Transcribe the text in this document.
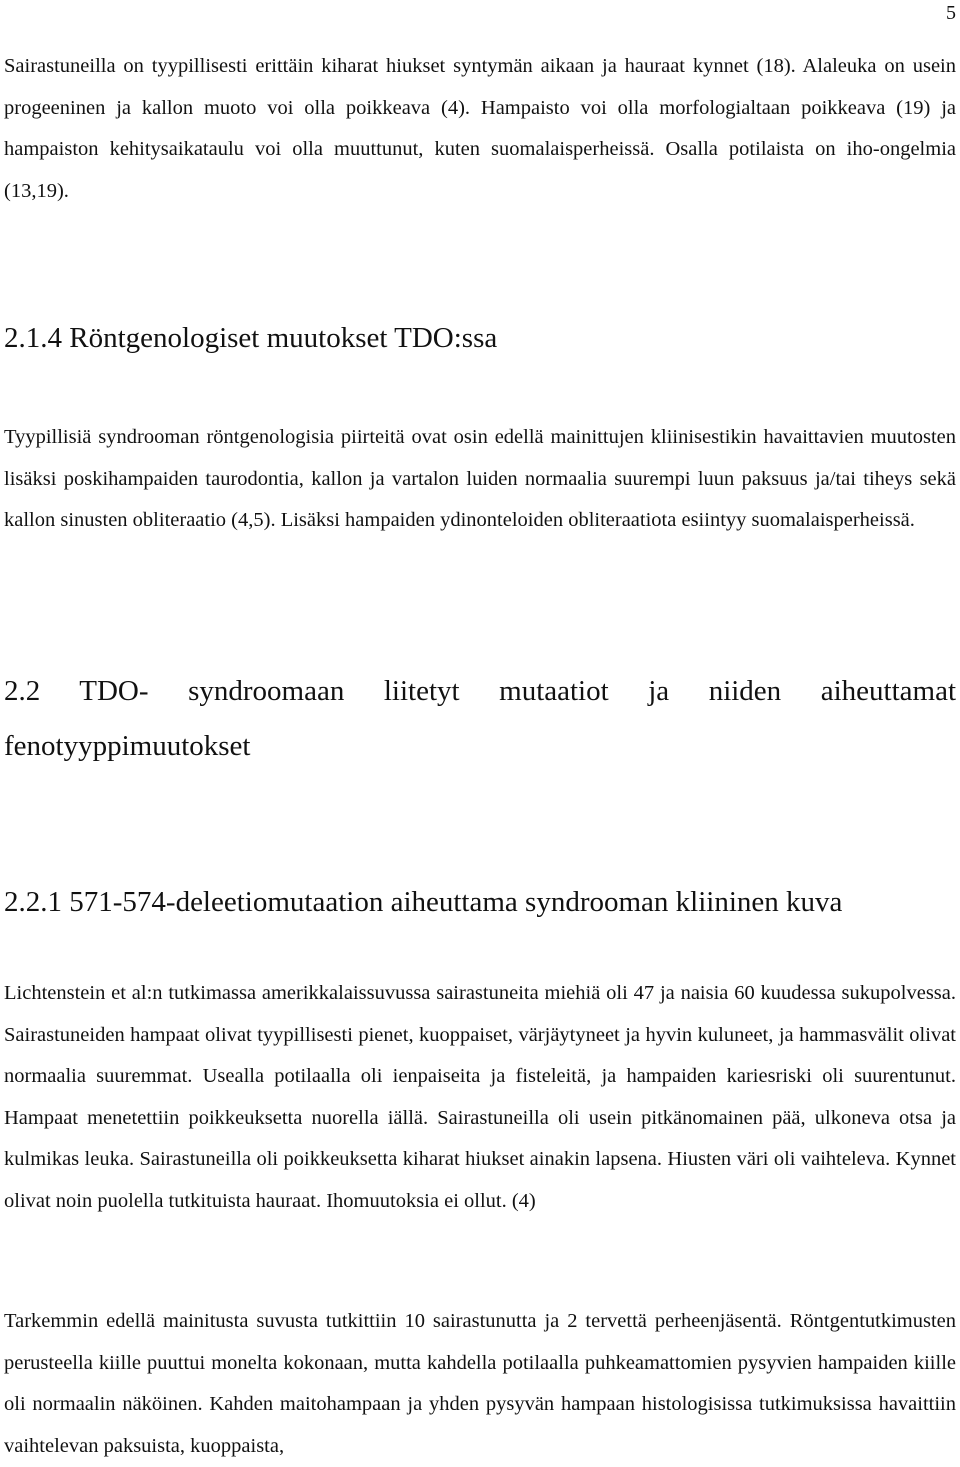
5

Sairastuneilla on tyypillisesti erittäin kiharat hiukset syntymän aikaan ja hauraat kynnet (18). Alaleuka on usein progeeninen ja kallon muoto voi olla poikkeava (4). Hampaisto voi olla morfologialtaan poikkeava (19) ja hampaiston kehitysaikataulu voi olla muuttunut, kuten suomalaisperheissä. Osalla potilaista on iho-ongelmia (13,19).

2.1.4 Röntgenologiset muutokset TDO:ssa

Tyypillisiä syndrooman röntgenologisia piirteitä ovat osin edellä mainittujen kliinisestikin havaittavien muutosten lisäksi poskihampaiden taurodontia, kallon ja vartalon luiden normaalia suurempi luun paksuus ja/tai tiheys sekä kallon sinusten obliteraatio (4,5). Lisäksi hampaiden ydinonteloiden obliteraatiota esiintyy suomalaisperheissä.

2.2 TDO- syndroomaan liitetyt mutaatiot ja niiden aiheuttamat fenotyyppimuutokset
2.2.1 571-574-deleetiomutaation aiheuttama syndrooman kliininen kuva

Lichtenstein et al:n tutkimassa amerikkalaissuvussa sairastuneita miehiä oli 47 ja naisia 60 kuudessa sukupolvessa. Sairastuneiden hampaat olivat tyypillisesti pienet, kuoppaiset, värjäytyneet ja hyvin kuluneet, ja hammasvälit olivat normaalia suuremmat. Usealla potilaalla oli ienpaiseita ja fisteleitä, ja hampaiden kariesriski oli suurentunut. Hampaat menetettiin poikkeuksetta nuorella iällä. Sairastuneilla oli usein pitkänomainen pää, ulkoneva otsa ja kulmikas leuka. Sairastuneilla oli poikkeuksetta kiharat hiukset ainakin lapsena. Hiusten väri oli vaihteleva. Kynnet olivat noin puolella tutkituista hauraat. Ihomuutoksia ei ollut. (4)

Tarkemmin edellä mainitusta suvusta tutkittiin 10 sairastunutta ja 2 tervettä perheenjäsentä. Röntgentutkimusten perusteella kiille puuttui monelta kokonaan, mutta kahdella potilaalla puhkeamattomien pysyvien hampaiden kiille oli normaalin näköinen. Kahden maitohampaan ja yhden pysyvän hampaan histologisissa tutkimuksissa havaittiin vaihtelevan paksuista, kuoppaista,
